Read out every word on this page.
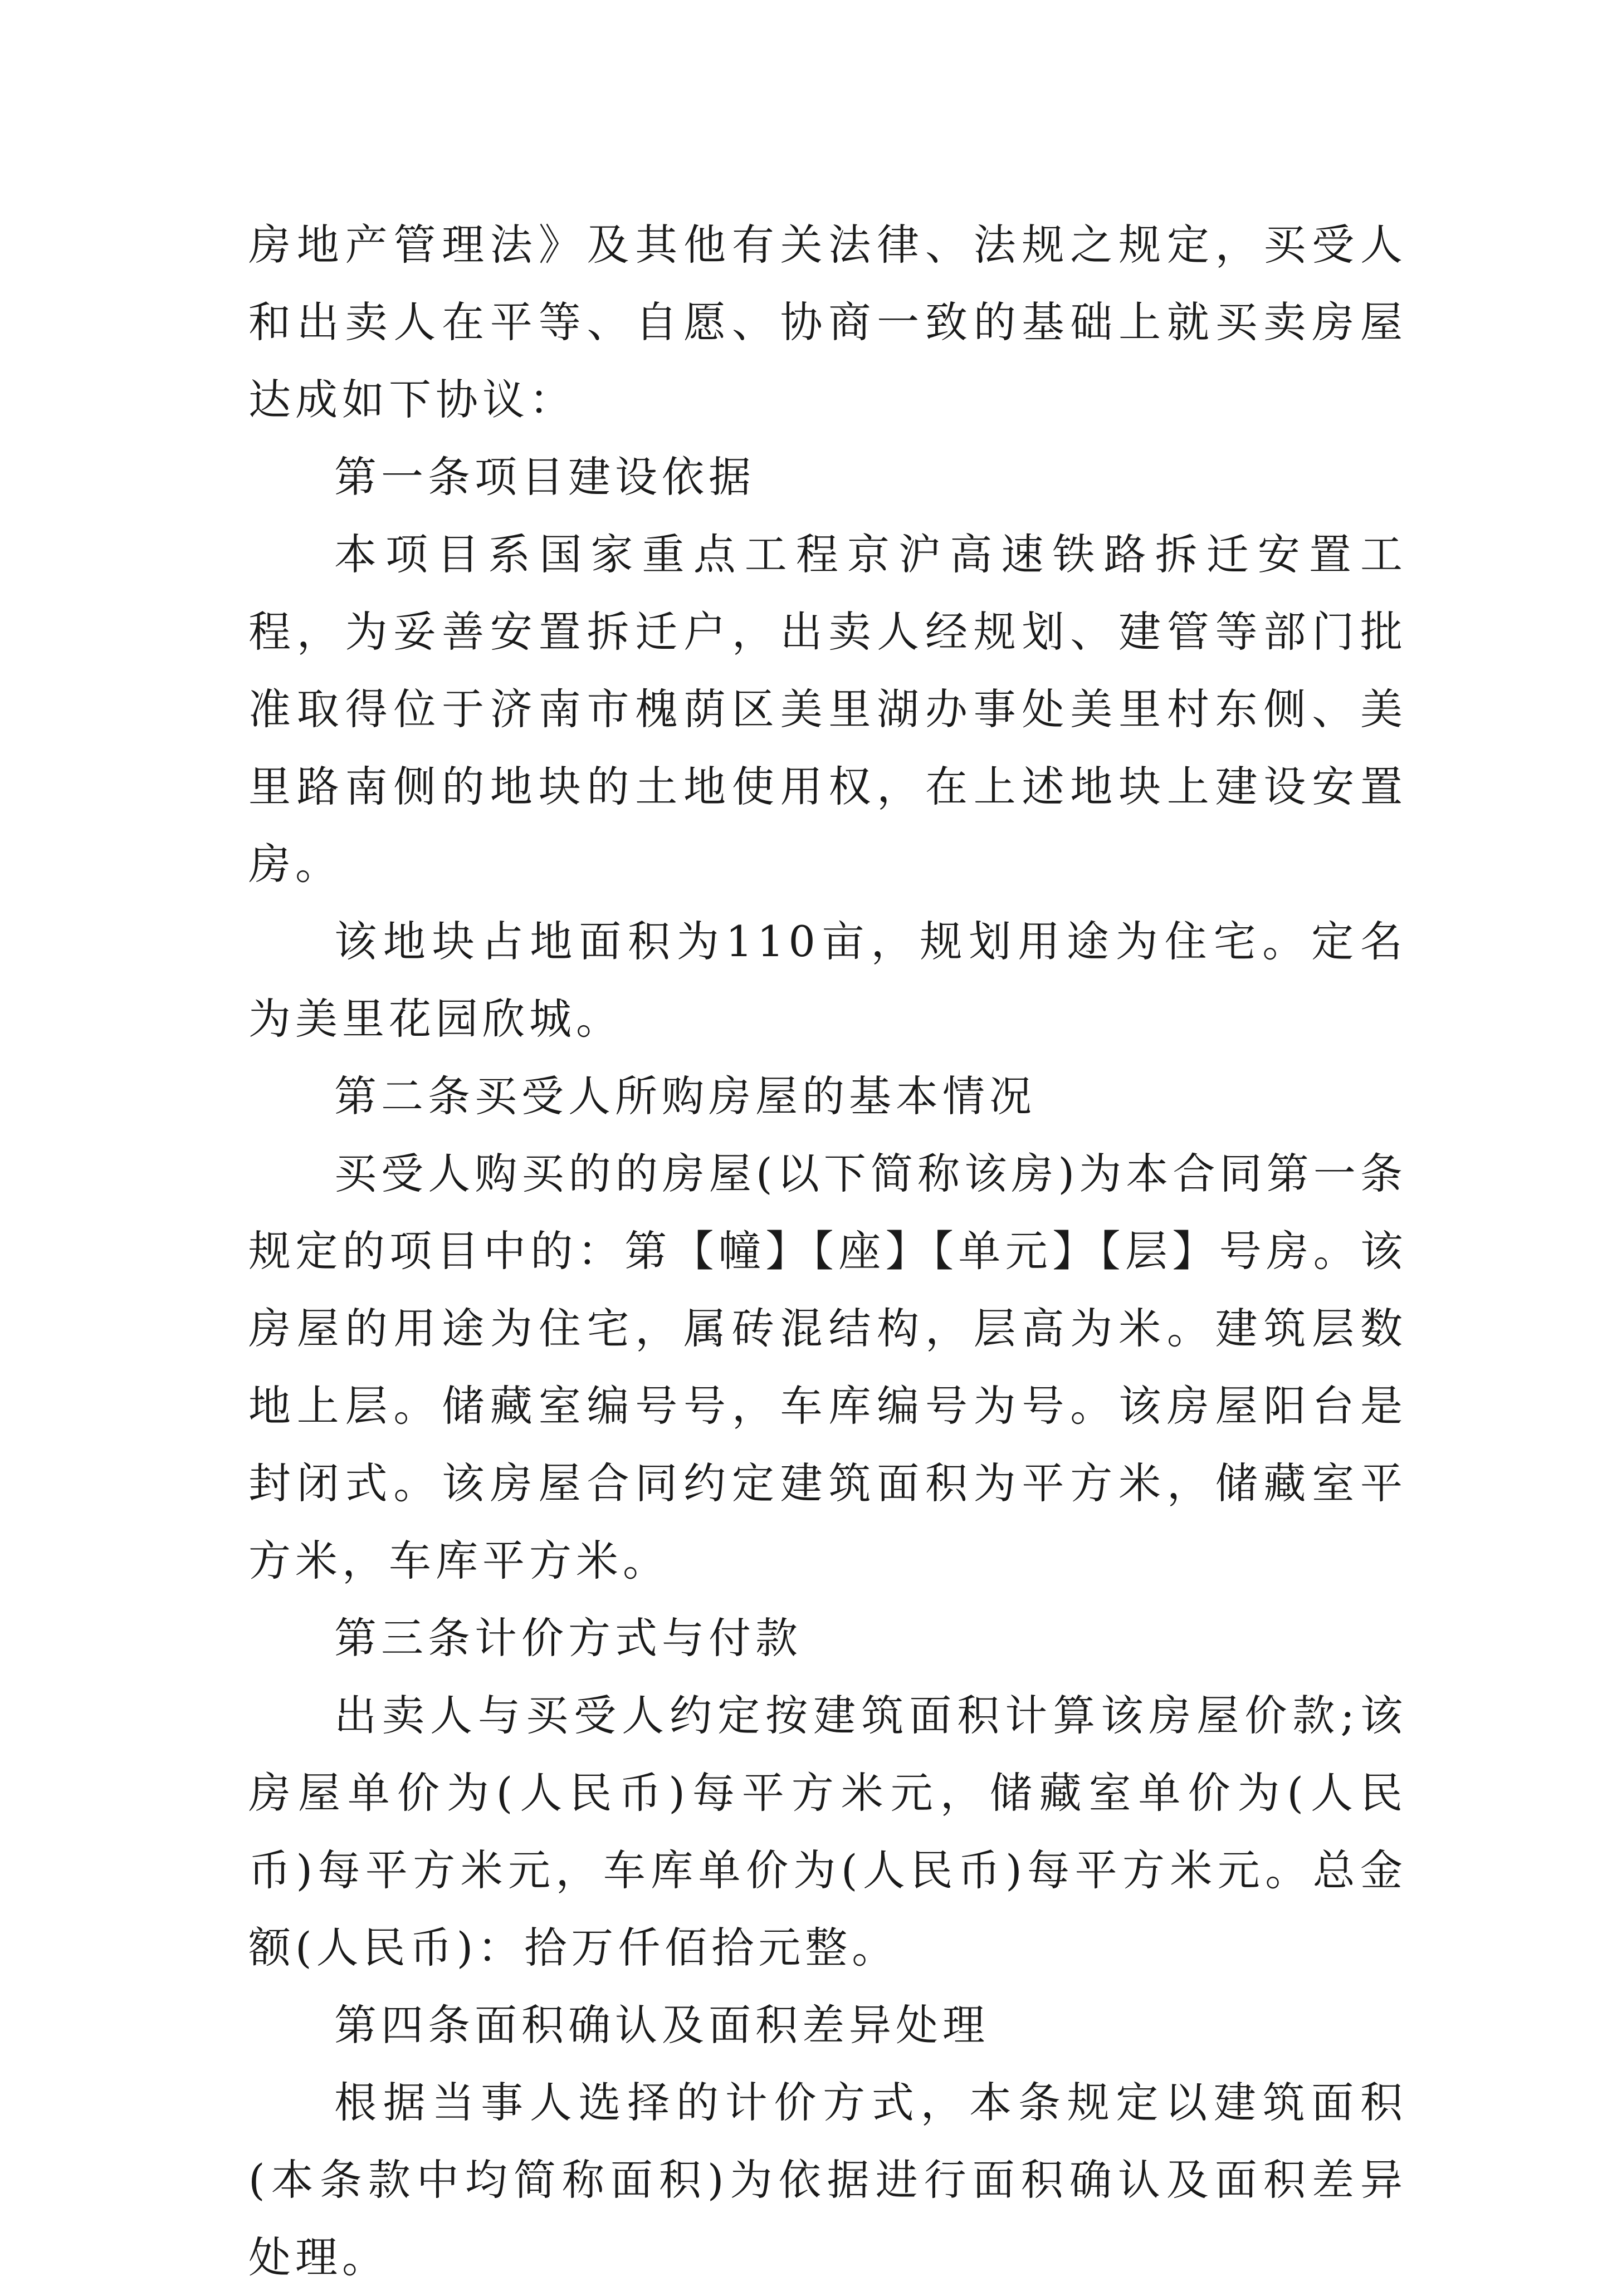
房地产管理法》及其他有关法律、法规之规定，买受人和出卖人在平等、自愿、协商一致的基础上就买卖房屋达成如下协议：

第一条项目建设依据

本项目系国家重点工程京沪高速铁路拆迁安置工程，为妥善安置拆迁户，出卖人经规划、建管等部门批准取得位于济南市槐荫区美里湖办事处美里村东侧、美里路南侧的地块的土地使用权，在上述地块上建设安置房。

该地块占地面积为110亩，规划用途为住宅。定名为美里花园欣城。

第二条买受人所购房屋的基本情况

买受人购买的的房屋(以下简称该房)为本合同第一条规定的项目中的：第【幢】【座】【单元】【层】号房。该房屋的用途为住宅，属砖混结构，层高为米。建筑层数地上层。储藏室编号号，车库编号为号。该房屋阳台是封闭式。该房屋合同约定建筑面积为平方米，储藏室平方米，车库平方米。

第三条计价方式与付款

出卖人与买受人约定按建筑面积计算该房屋价款;该房屋单价为(人民币)每平方米元，储藏室单价为(人民币)每平方米元，车库单价为(人民币)每平方米元。总金额(人民币)：拾万仟佰拾元整。

第四条面积确认及面积差异处理

根据当事人选择的计价方式，本条规定以建筑面积(本条款中均简称面积)为依据进行面积确认及面积差异处理。
